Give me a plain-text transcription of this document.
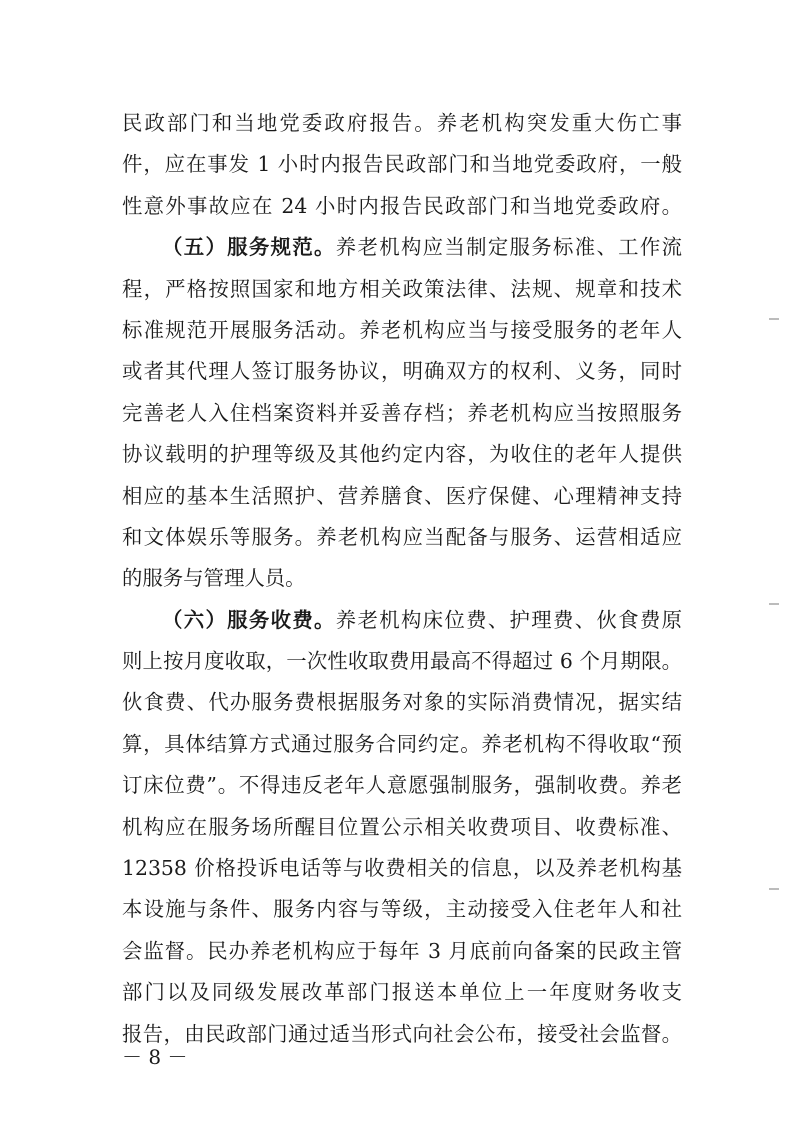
民政部门和当地党委政府报告。养老机构突发重大伤亡事
件，应在事发 1 小时内报告民政部门和当地党委政府，一般
性意外事故应在 24 小时内报告民政部门和当地党委政府。
（五）服务规范。养老机构应当制定服务标准、工作流
程，严格按照国家和地方相关政策法律、法规、规章和技术
标准规范开展服务活动。养老机构应当与接受服务的老年人
或者其代理人签订服务协议，明确双方的权利、义务，同时
完善老人入住档案资料并妥善存档；养老机构应当按照服务
协议载明的护理等级及其他约定内容，为收住的老年人提供
相应的基本生活照护、营养膳食、医疗保健、心理精神支持
和文体娱乐等服务。养老机构应当配备与服务、运营相适应
的服务与管理人员。
（六）服务收费。养老机构床位费、护理费、伙食费原
则上按月度收取，一次性收取费用最高不得超过 6 个月期限。
伙食费、代办服务费根据服务对象的实际消费情况，据实结
算，具体结算方式通过服务合同约定。养老机构不得收取“预
订床位费”。不得违反老年人意愿强制服务，强制收费。养老
机构应在服务场所醒目位置公示相关收费项目、收费标准、
12358 价格投诉电话等与收费相关的信息，以及养老机构基
本设施与条件、服务内容与等级，主动接受入住老年人和社
会监督。民办养老机构应于每年 3 月底前向备案的民政主管
部门以及同级发展改革部门报送本单位上一年度财务收支
报告，由民政部门通过适当形式向社会公布，接受社会监督。
－ 8 －
